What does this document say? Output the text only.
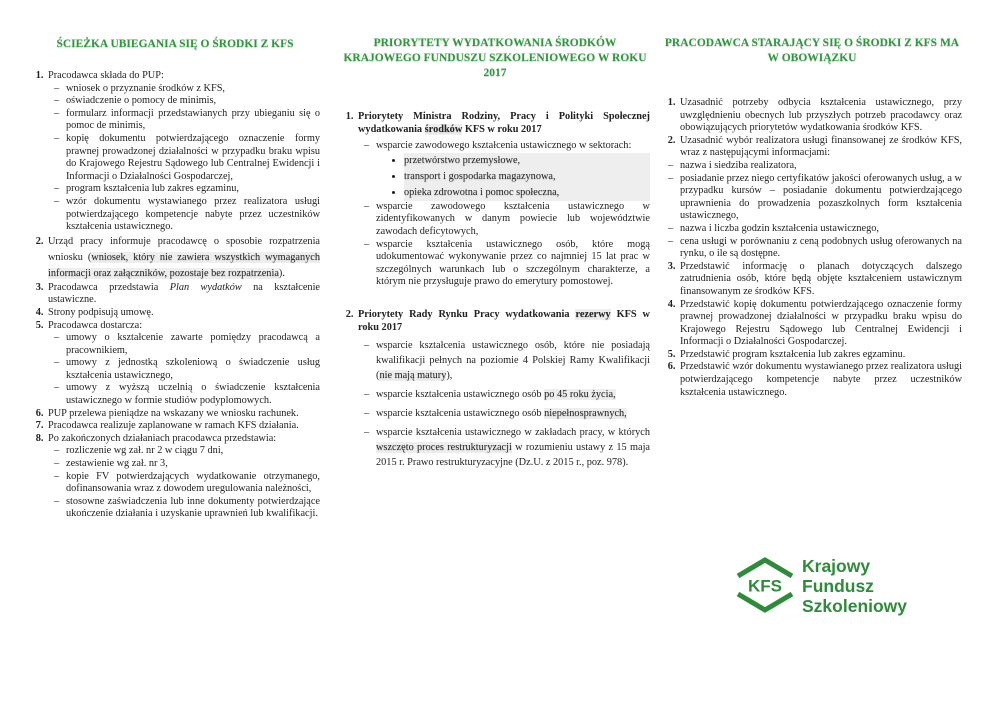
ŚCIEŻKA UBIEGANIA SIĘ O ŚRODKI Z KFS
1. Pracodawca składa do PUP:
– wniosek o przyznanie środków z KFS,
– oświadczenie o pomocy de minimis,
– formularz informacji przedstawianych przy ubieganiu się o pomoc de minimis,
– kopię dokumentu potwierdzającego oznaczenie formy prawnej prowadzonej działalności w przypadku braku wpisu do Krajowego Rejestru Sądowego lub Centralnej Ewidencji i Informacji o Działalności Gospodarczej,
– program kształcenia lub zakres egzaminu,
– wzór dokumentu wystawianego przez realizatora usługi potwierdzającego kompetencje nabyte przez uczestników kształcenia ustawicznego.
2. Urząd pracy informuje pracodawcę o sposobie rozpatrzenia wniosku (wniosek, który nie zawiera wszystkich wymaganych informacji oraz załączników, pozostaje bez rozpatrzenia).
3. Pracodawca przedstawia Plan wydatków na kształcenie ustawiczne.
4. Strony podpisują umowę.
5. Pracodawca dostarcza:
– umowy o kształcenie zawarte pomiędzy pracodawcą a pracownikiem,
– umowy z jednostką szkoleniową o świadczenie usług kształcenia ustawicznego,
– umowy z wyższą uczelnią o świadczenie kształcenia ustawicznego w formie studiów podyplomowych.
6. PUP przelewa pieniądze na wskazany we wniosku rachunek.
7. Pracodawca realizuje zaplanowane w ramach KFS działania.
8. Po zakończonych działaniach pracodawca przedstawia:
– rozliczenie wg zał. nr 2 w ciągu 7 dni,
– zestawienie wg zał. nr 3,
– kopie FV potwierdzających wydatkowanie otrzymanego, dofinansowania wraz z dowodem uregulowania należności,
– stosowne zaświadczenia lub inne dokumenty potwierdzające ukończenie działania i uzyskanie uprawnień lub kwalifikacji.
PRIORYTETY WYDATKOWANIA ŚRODKÓW KRAJOWEGO FUNDUSZU SZKOLENIOWEGO W ROKU 2017
1. Priorytety Ministra Rodziny, Pracy i Polityki Społecznej wydatkowania środków KFS w roku 2017
– wsparcie zawodowego kształcenia ustawicznego w sektorach:
• przetwórstwo przemysłowe,
• transport i gospodarka magazynowa,
• opieka zdrowotna i pomoc społeczna,
– wsparcie zawodowego kształcenia ustawicznego w zidentyfikowanych w danym powiecie lub województwie zawodach deficytowych,
– wsparcie kształcenia ustawicznego osób, które mogą udokumentować wykonywanie przez co najmniej 15 lat prac w szczególnych warunkach lub o szczególnym charakterze, a którym nie przysługuje prawo do emerytury pomostowej.
2. Priorytety Rady Rynku Pracy wydatkowania rezerwy KFS w roku 2017
– wsparcie kształcenia ustawicznego osób, które nie posiadają kwalifikacji pełnych na poziomie 4 Polskiej Ramy Kwalifikacji (nie mają matury),
– wsparcie kształcenia ustawicznego osób po 45 roku życia,
– wsparcie kształcenia ustawicznego osób niepełnosprawnych,
– wsparcie kształcenia ustawicznego w zakładach pracy, w których wszczęto proces restrukturyzacji w rozumieniu ustawy z 15 maja 2015 r. Prawo restrukturyzacyjne (Dz.U. z 2015 r., poz. 978).
PRACODAWCA STARAJĄCY SIĘ O ŚRODKI Z KFS MA W OBOWIĄZKU
1. Uzasadnić potrzeby odbycia kształcenia ustawicznego, przy uwzględnieniu obecnych lub przyszłych potrzeb pracodawcy oraz obowiązujących priorytetów wydatkowania środków KFS.
2. Uzasadnić wybór realizatora usługi finansowanej ze środków KFS, wraz z następującymi informacjami:
– nazwa i siedziba realizatora,
– posiadanie przez niego certyfikatów jakości oferowanych usług, a w przypadku kursów – posiadanie dokumentu potwierdzającego uprawnienia do prowadzenia pozaszkolnych form kształcenia ustawicznego,
– nazwa i liczba godzin kształcenia ustawicznego,
– cena usługi w porównaniu z ceną podobnych usług oferowanych na rynku, o ile są dostępne.
3. Przedstawić informację o planach dotyczących dalszego zatrudnienia osób, które będą objęte kształceniem ustawicznym finansowanym ze środków KFS.
4. Przedstawić kopię dokumentu potwierdzającego oznaczenie formy prawnej prowadzonej działalności w przypadku braku wpisu do Krajowego Rejestru Sądowego lub Centralnej Ewidencji i Informacji o Działalności Gospodarczej.
5. Przedstawić program kształcenia lub zakres egzaminu.
6. Przedstawić wzór dokumentu wystawianego przez realizatora usługi potwierdzającego kompetencje nabyte przez uczestników kształcenia ustawicznego.
KFS
Krajowy
Fundusz
Szkoleniowy
